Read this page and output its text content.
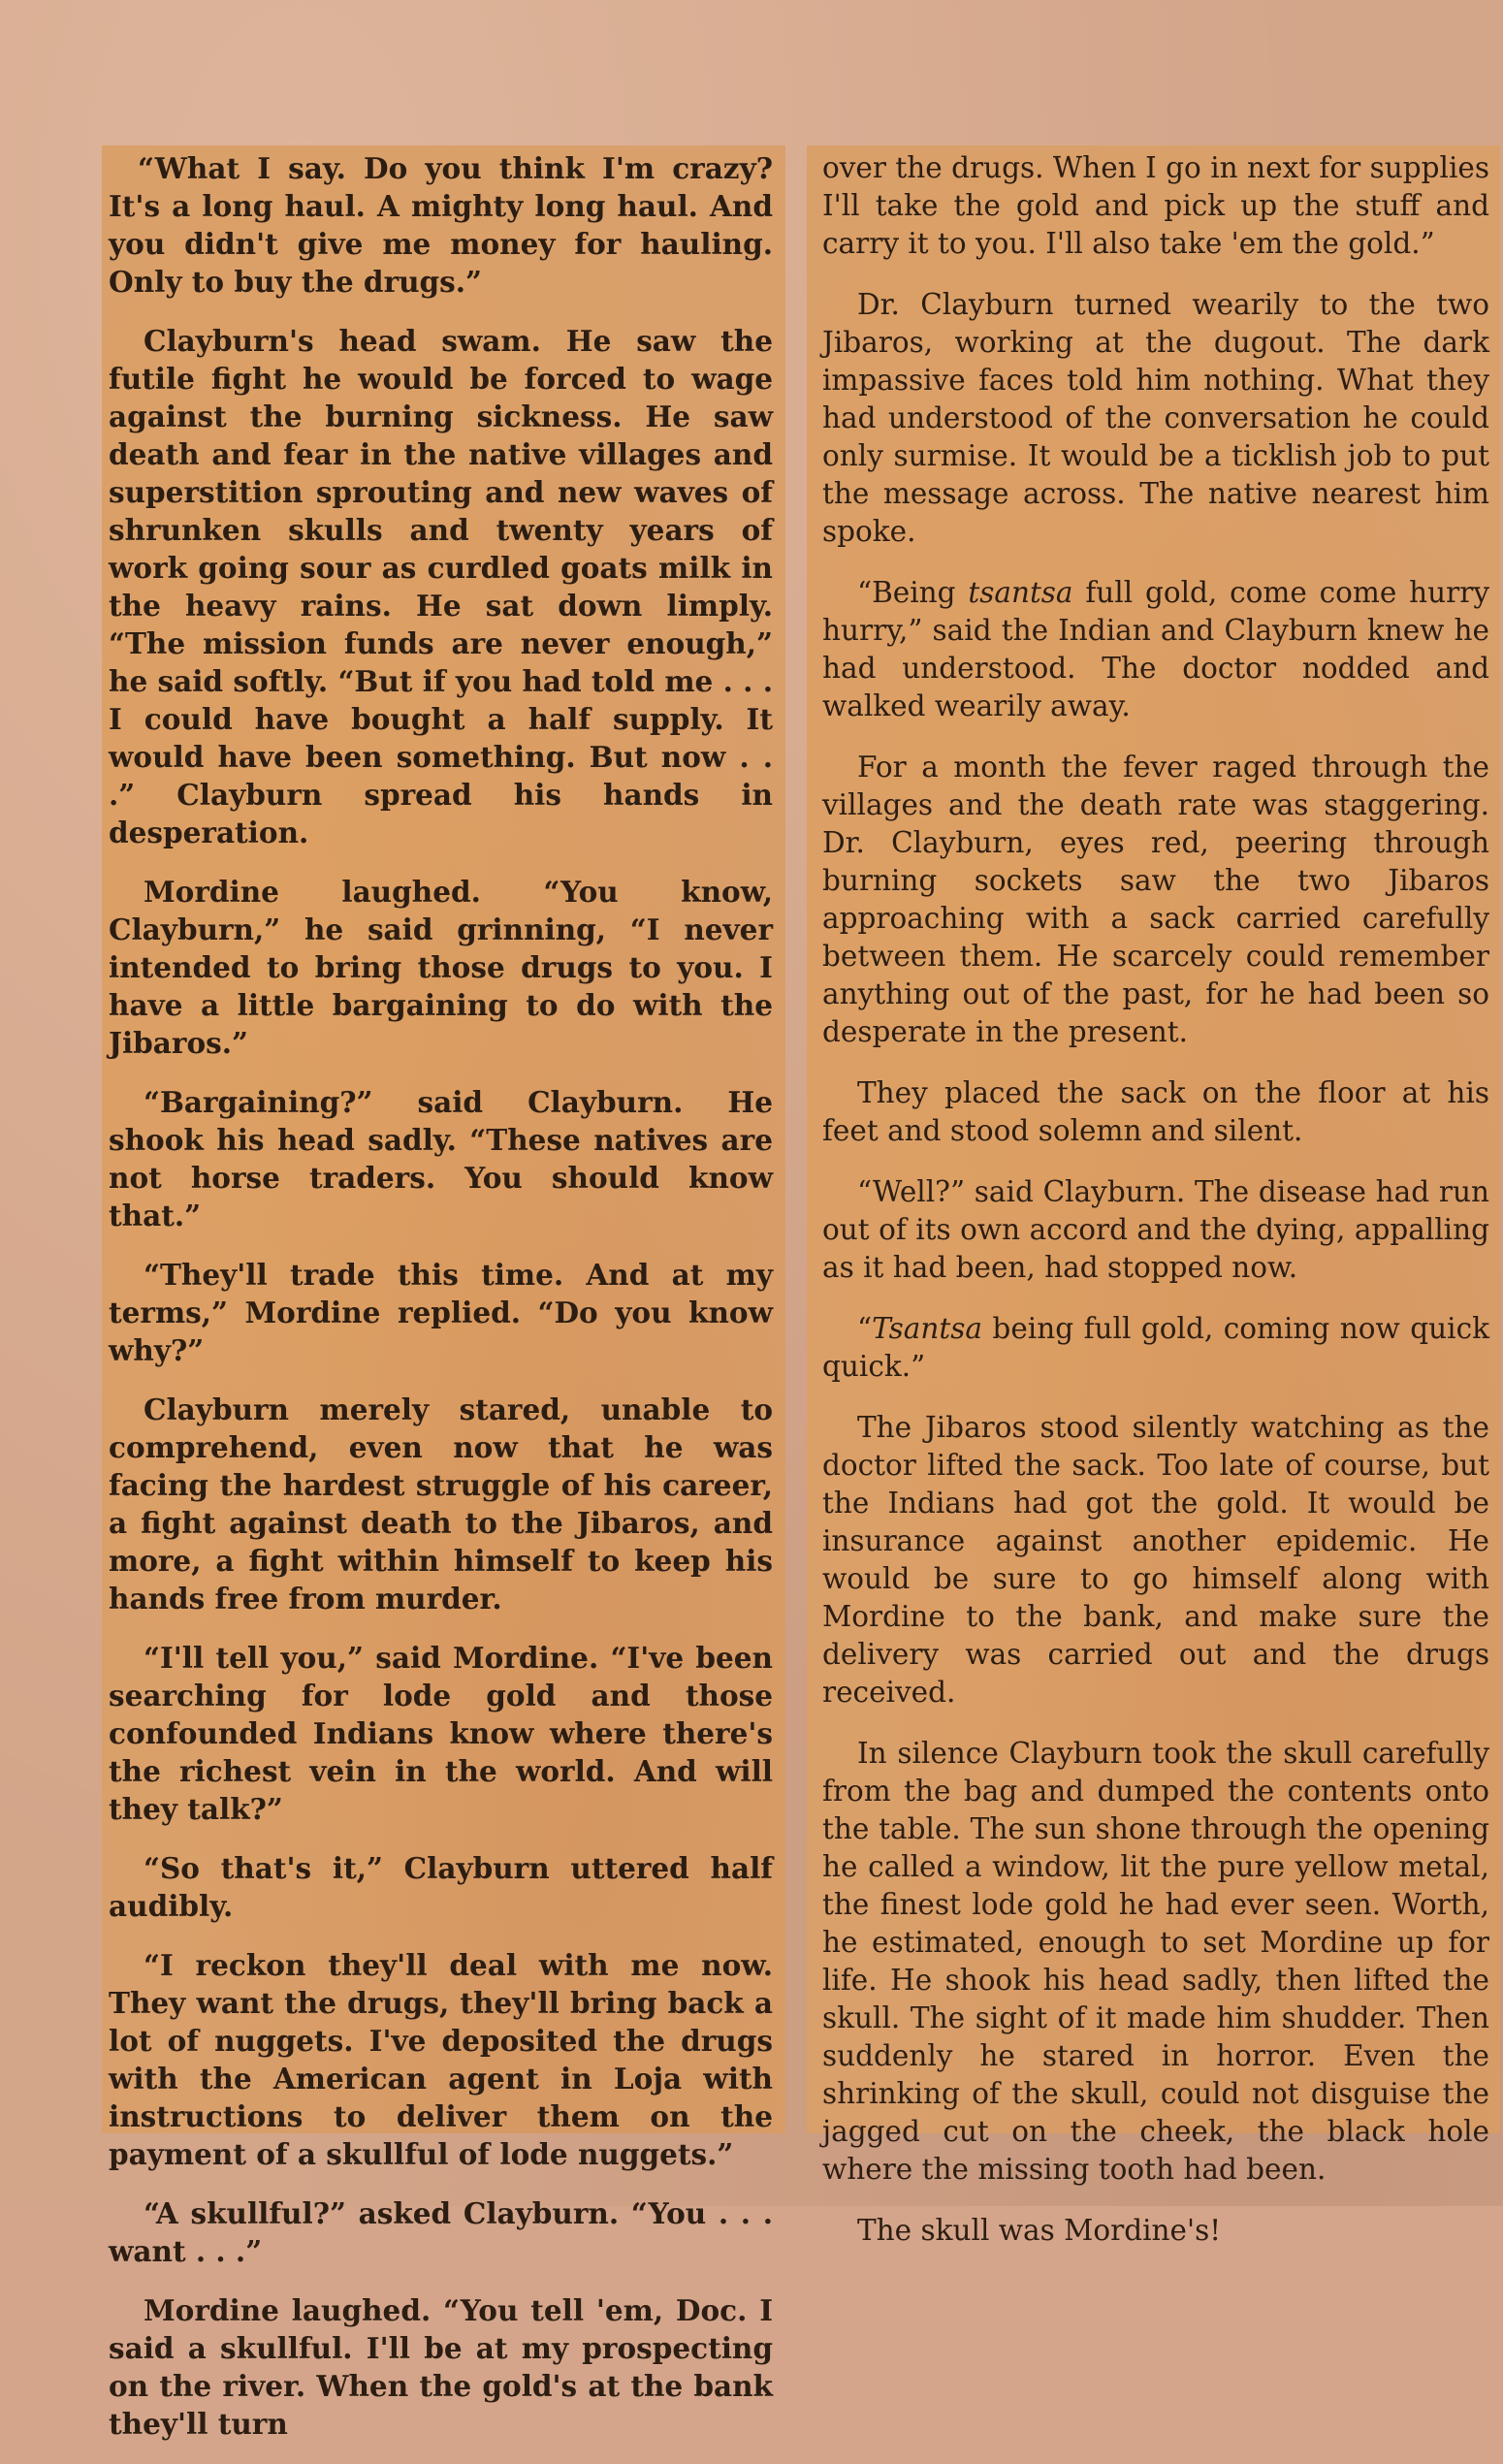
“What I say. Do you think I'm crazy? It's a long haul. A mighty long haul. And you didn't give me money for hauling. Only to buy the drugs.”

Clayburn's head swam. He saw the futile fight he would be forced to wage against the burning sickness. He saw death and fear in the native villages and superstition sprouting and new waves of shrunken skulls and twenty years of work going sour as curdled goats milk in the heavy rains. He sat down limply. “The mission funds are never enough,” he said softly. “But if you had told me . . . I could have bought a half supply. It would have been something. But now . . .” Clayburn spread his hands in desperation.

Mordine laughed. “You know, Clayburn,” he said grinning, “I never intended to bring those drugs to you. I have a little bargaining to do with the Jibaros.”

“Bargaining?” said Clayburn. He shook his head sadly. “These natives are not horse traders. You should know that.”

“They'll trade this time. And at my terms,” Mordine replied. “Do you know why?”

Clayburn merely stared, unable to comprehend, even now that he was facing the hardest struggle of his career, a fight against death to the Jibaros, and more, a fight within himself to keep his hands free from murder.

“I'll tell you,” said Mordine. “I've been searching for lode gold and those confounded Indians know where there's the richest vein in the world. And will they talk?”

“So that's it,” Clayburn uttered half audibly.

“I reckon they'll deal with me now. They want the drugs, they'll bring back a lot of nuggets. I've deposited the drugs with the American agent in Loja with instructions to deliver them on the payment of a skullful of lode nuggets.”

“A skullful?” asked Clayburn. “You . . . want . . .”

Mordine laughed. “You tell 'em, Doc. I said a skullful. I'll be at my prospecting on the river. When the gold's at the bank they'll turn

over the drugs. When I go in next for supplies I'll take the gold and pick up the stuff and carry it to you. I'll also take 'em the gold.”

Dr. Clayburn turned wearily to the two Jibaros, working at the dugout. The dark impassive faces told him nothing. What they had understood of the conversation he could only surmise. It would be a ticklish job to put the message across. The native nearest him spoke.

“Being tsantsa full gold, come come hurry hurry,” said the Indian and Clayburn knew he had understood. The doctor nodded and walked wearily away.

For a month the fever raged through the villages and the death rate was staggering. Dr. Clayburn, eyes red, peering through burning sockets saw the two Jibaros approaching with a sack carried carefully between them. He scarcely could remember anything out of the past, for he had been so desperate in the present.

They placed the sack on the floor at his feet and stood solemn and silent.

“Well?” said Clayburn. The disease had run out of its own accord and the dying, appalling as it had been, had stopped now.

“Tsantsa being full gold, coming now quick quick.”

The Jibaros stood silently watching as the doctor lifted the sack. Too late of course, but the Indians had got the gold. It would be insurance against another epidemic. He would be sure to go himself along with Mordine to the bank, and make sure the delivery was carried out and the drugs received.

In silence Clayburn took the skull carefully from the bag and dumped the contents onto the table. The sun shone through the opening he called a window, lit the pure yellow metal, the finest lode gold he had ever seen. Worth, he estimated, enough to set Mordine up for life. He shook his head sadly, then lifted the skull. The sight of it made him shudder. Then suddenly he stared in horror. Even the shrinking of the skull, could not disguise the jagged cut on the cheek, the black hole where the missing tooth had been.

The skull was Mordine's!
